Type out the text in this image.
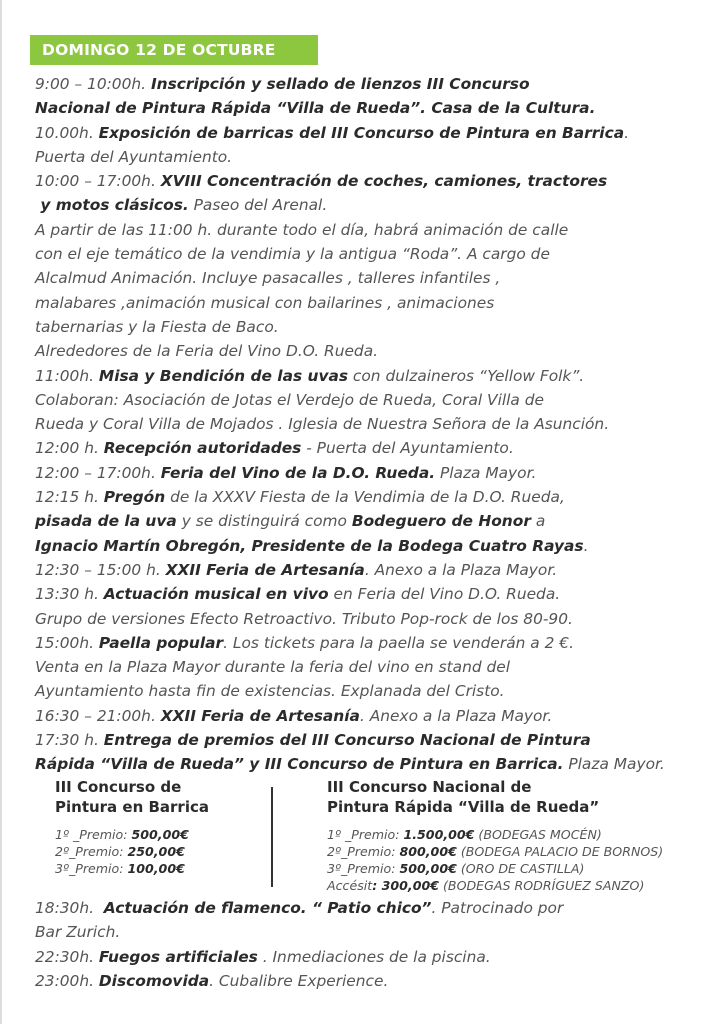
DOMINGO 12 DE OCTUBRE
9:00 – 10:00h. Inscripción y sellado de lienzos III Concurso
Nacional de Pintura Rápida “Villa de Rueda”. Casa de la Cultura.
10.00h. Exposición de barricas del III Concurso de Pintura en Barrica.
Puerta del Ayuntamiento.
10:00 – 17:00h. XVIII Concentración de coches, camiones, tractores
y motos clásicos. Paseo del Arenal.
A partir de las 11:00 h. durante todo el día, habrá animación de calle
con el eje temático de la vendimia y la antigua “Roda”. A cargo de
Alcalmud Animación. Incluye pasacalles , talleres infantiles ,
malabares ,animación musical con bailarines , animaciones
tabernarias y la Fiesta de Baco.
Alrededores de la Feria del Vino D.O. Rueda.
11:00h. Misa y Bendición de las uvas con dulzaineros “Yellow Folk”.
Colaboran: Asociación de Jotas el Verdejo de Rueda, Coral Villa de
Rueda y Coral Villa de Mojados . Iglesia de Nuestra Señora de la Asunción.
12:00 h. Recepción autoridades - Puerta del Ayuntamiento.
12:00 – 17:00h. Feria del Vino de la D.O. Rueda. Plaza Mayor.
12:15 h. Pregón de la XXXV Fiesta de la Vendimia de la D.O. Rueda,
pisada de la uva y se distinguirá como Bodeguero de Honor a
Ignacio Martín Obregón, Presidente de la Bodega Cuatro Rayas.
12:30 – 15:00 h. XXII Feria de Artesanía. Anexo a la Plaza Mayor.
13:30 h. Actuación musical en vivo en Feria del Vino D.O. Rueda.
Grupo de versiones Efecto Retroactivo. Tributo Pop-rock de los 80-90.
15:00h. Paella popular. Los tickets para la paella se venderán a 2 €.
Venta en la Plaza Mayor durante la feria del vino en stand del
Ayuntamiento hasta fin de existencias. Explanada del Cristo.
16:30 – 21:00h. XXII Feria de Artesanía. Anexo a la Plaza Mayor.
17:30 h. Entrega de premios del III Concurso Nacional de Pintura
Rápida “Villa de Rueda” y III Concurso de Pintura en Barrica. Plaza Mayor.
III Concurso de
Pintura en Barrica
1º _Premio: 500,00€
2º_Premio: 250,00€
3º_Premio: 100,00€
III Concurso Nacional de
Pintura Rápida “Villa de Rueda”
1º _Premio: 1.500,00€ (BODEGAS MOCÉN)
2º_Premio: 800,00€ (BODEGA PALACIO DE BORNOS)
3º_Premio: 500,00€ (ORO DE CASTILLA)
Accésit: 300,00€ (BODEGAS RODRÍGUEZ SANZO)
18:30h.  Actuación de flamenco. “ Patio chico”. Patrocinado por
Bar Zurich.
22:30h. Fuegos artificiales . Inmediaciones de la piscina.
23:00h. Discomovida. Cubalibre Experience.
